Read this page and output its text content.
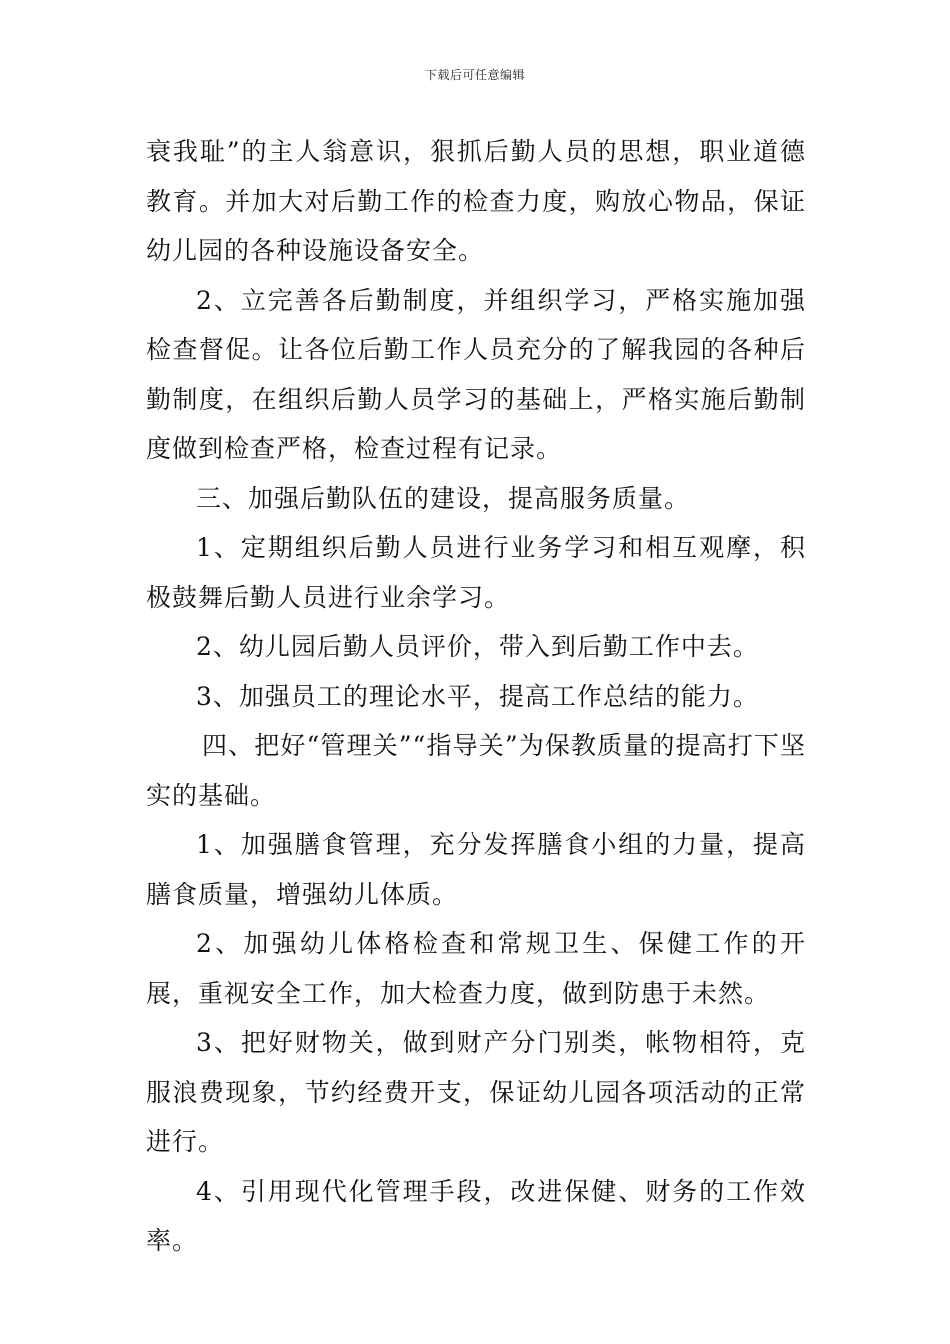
下载后可任意编辑

衰我耻”的主人翁意识，狠抓后勤人员的思想，职业道德教育。并加大对后勤工作的检查力度，购放心物品，保证幼儿园的各种设施设备安全。

2、立完善各后勤制度，并组织学习，严格实施加强检查督促。让各位后勤工作人员充分的了解我园的各种后勤制度，在组织后勤人员学习的基础上，严格实施后勤制度做到检查严格，检查过程有记录。

三、加强后勤队伍的建设，提高服务质量。

1、定期组织后勤人员进行业务学习和相互观摩，积极鼓舞后勤人员进行业余学习。

2、幼儿园后勤人员评价，带入到后勤工作中去。

3、加强员工的理论水平，提高工作总结的能力。

四、把好“管理关”“指导关”为保教质量的提高打下坚实的基础。

1、加强膳食管理，充分发挥膳食小组的力量，提高膳食质量，增强幼儿体质。

2、加强幼儿体格检查和常规卫生、保健工作的开展，重视安全工作，加大检查力度，做到防患于未然。

3、把好财物关，做到财产分门别类，帐物相符，克服浪费现象，节约经费开支，保证幼儿园各项活动的正常进行。

4、引用现代化管理手段，改进保健、财务的工作效率。
